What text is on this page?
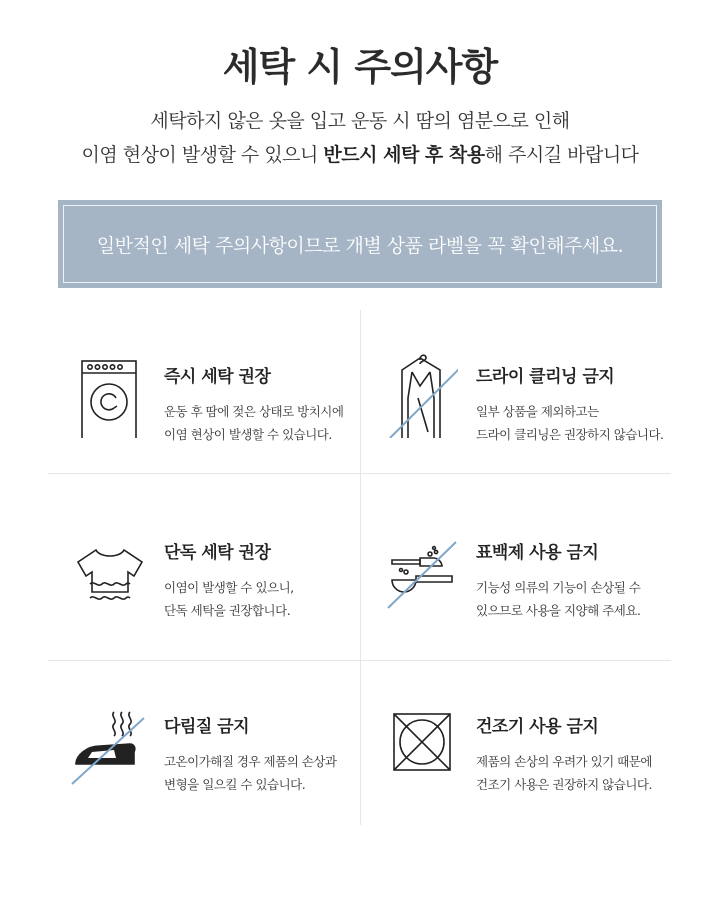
세탁 시 주의사항
세탁하지 않은 옷을 입고 운동 시 땀의 염분으로 인해
이염 현상이 발생할 수 있으니 반드시 세탁 후 착용해 주시길 바랍니다
일반적인 세탁 주의사항이므로 개별 상품 라벨을 꼭 확인해주세요.
즉시 세탁 권장
운동 후 땀에 젖은 상태로 방치시에
이염 현상이 발생할 수 있습니다.
드라이 클리닝 금지
일부 상품을 제외하고는
드라이 클리닝은 권장하지 않습니다.
단독 세탁 권장
이염이 발생할 수 있으니,
단독 세탁을 권장합니다.
표백제 사용 금지
기능성 의류의 기능이 손상될 수
있으므로 사용을 지양해 주세요.
다림질 금지
고온이가해질 경우 제품의 손상과
변형을 일으킬 수 있습니다.
건조기 사용 금지
제품의 손상의 우려가 있기 때문에
건조기 사용은 권장하지 않습니다.
